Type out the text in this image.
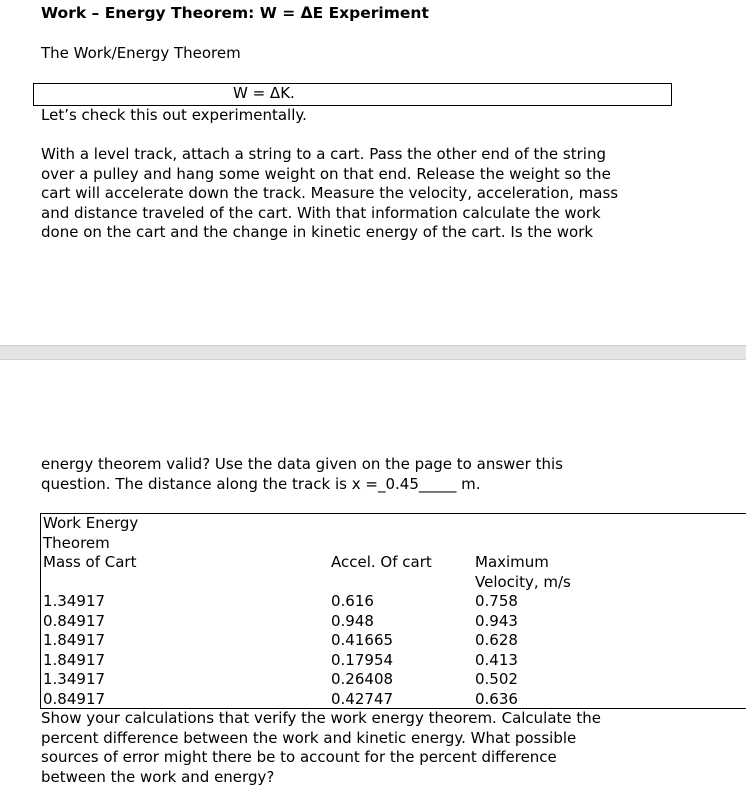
Work – Energy Theorem: W = ΔE Experiment
The Work/Energy Theorem
W = ΔK.
Let’s check this out experimentally.
With a level track, attach a string to a cart. Pass the other end of the string
over a pulley and hang some weight on that end. Release the weight so the
cart will accelerate down the track. Measure the velocity, acceleration, mass
and distance traveled of the cart. With that information calculate the work
done on the cart and the change in kinetic energy of the cart. Is the work
energy theorem valid? Use the data given on the page to answer this
question. The distance along the track is x =_0.45_____ m.
Work Energy
Theorem
Mass of Cart

1.34917
0.84917
1.84917
1.84917
1.34917
0.84917

Accel. Of cart

0.616
0.948
0.41665
0.17954
0.26408
0.42747

Maximum
Velocity, m/s
0.758
0.943
0.628
0.413
0.502
0.636
Show your calculations that verify the work energy theorem. Calculate the
percent difference between the work and kinetic energy. What possible
sources of error might there be to account for the percent difference
between the work and energy?
